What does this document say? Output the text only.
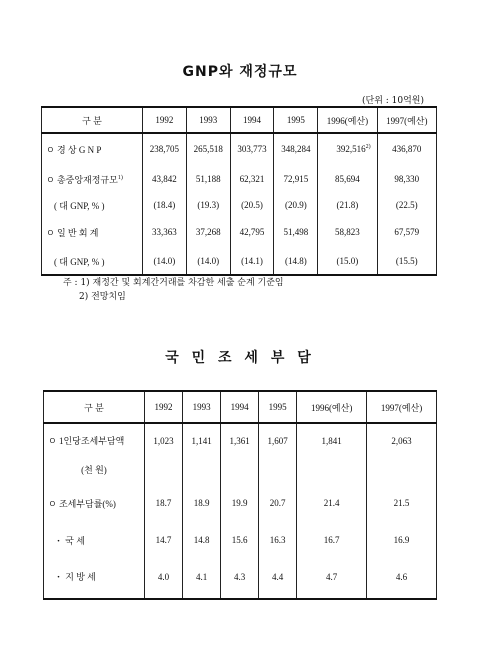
GNP와 재정규모
(단위 : 10억원)
구 분	1992	1993	1994	1995	1996(예산)	1997(예산)
ㅇ 경 상 G N P	238,705	265,518	303,773	348,284	392,516$^{2)}$	436,870
ㅇ 총중앙재정규모$^{1)}$	43,842	51,188	62,321	72,915	85,694	98,330
( 대 GNP, % )	(18.4)	(19.3)	(20.5)	(20.9)	(21.8)	(22.5)
ㅇ 일 반 회 계	33,363	37,268	42,795	51,498	58,823	67,579
( 대 GNP, % )	(14.0)	(14.0)	(14.1)	(14.8)	(15.0)	(15.5)
주 : 1) 재정간 및 회계간거래를 차감한 세출 순계 기준임
2) 전망치임
국 민 조 세 부 담
구 분	1992	1993	1994	1995	1996(예산)	1997(예산)
ㅇ 1인당조세부담액	1,023	1,141	1,361	1,607	1,841	2,063
(천 원)						
ㅇ 조세부담률(%)	18.7	18.9	19.9	20.7	21.4	21.5
・ 국 세	14.7	14.8	15.6	16.3	16.7	16.9
・ 지 방 세	4.0	4.1	4.3	4.4	4.7	4.6
